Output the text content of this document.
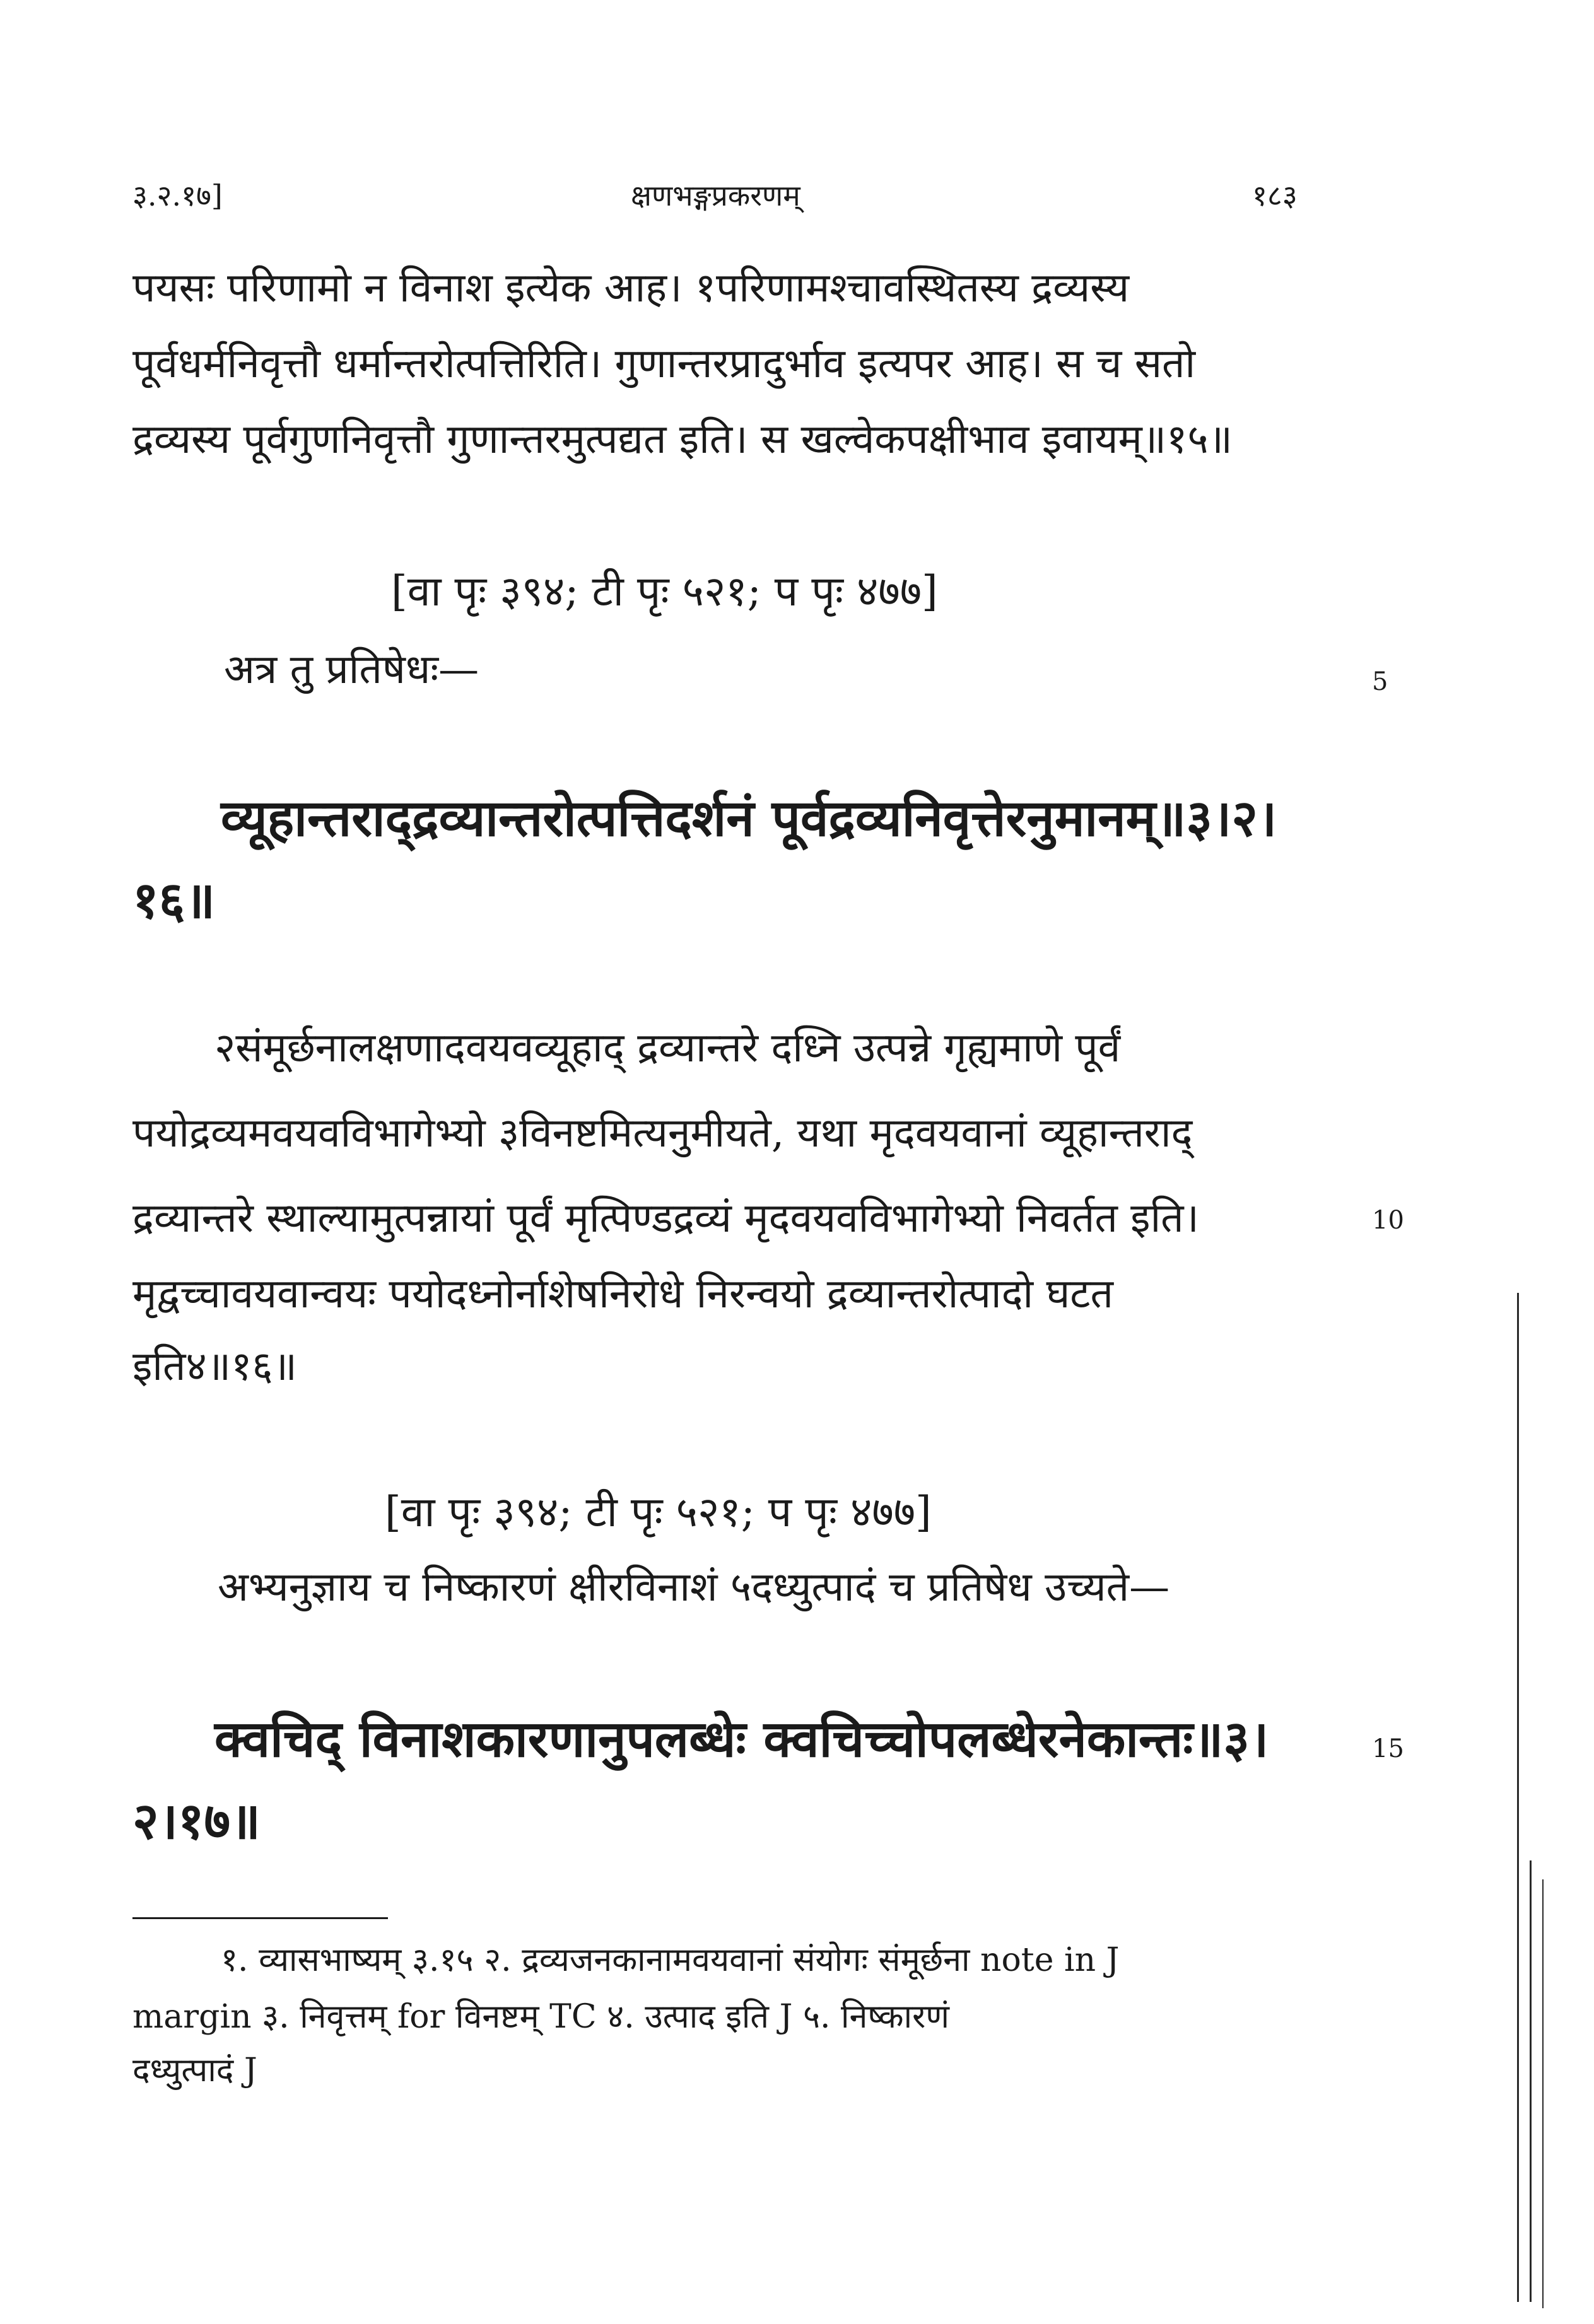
३.२.१७]	क्षणभङ्गप्रकरणम्	१८३
पयसः परिणामो न विनाश इत्येक आह। १परिणामश्चावस्थितस्य द्रव्यस्य
पूर्वधर्मनिवृत्तौ धर्मान्तरोत्पत्तिरिति। गुणान्तरप्रादुर्भाव इत्यपर आह। स च सतो
द्रव्यस्य पूर्वगुणनिवृत्तौ गुणान्तरमुत्पद्यत इति। स खल्वेकपक्षीभाव इवायम्॥१५॥
[वा पृः ३९४; टी पृः ५२१; प पृः ४७७]
अत्र तु प्रतिषेधः—	5
व्यूहान्तराद्द्रव्यान्तरोत्पत्तिदर्शनं पूर्वद्रव्यनिवृत्तेरनुमानम्॥३।२।
१६॥
२संमूर्छनालक्षणादवयवव्यूहाद् द्रव्यान्तरे दध्नि उत्पन्ने गृह्यमाणे पूर्वं
पयोद्रव्यमवयवविभागेभ्यो ३विनष्टमित्यनुमीयते, यथा मृदवयवानां व्यूहान्तराद्
द्रव्यान्तरे स्थाल्यामुत्पन्नायां पूर्वं मृत्पिण्डद्रव्यं मृदवयवविभागेभ्यो निवर्तत इति।	10
मृद्वच्चावयवान्वयः पयोदध्नोर्नाशेषनिरोधे निरन्वयो द्रव्यान्तरोत्पादो घटत
इति४॥१६॥
[वा पृः ३९४; टी पृः ५२१; प पृः ४७७]
अभ्यनुज्ञाय च निष्कारणं क्षीरविनाशं ५दध्युत्पादं च प्रतिषेध उच्यते—
क्वचिद् विनाशकारणानुपलब्धेः क्वचिच्चोपलब्धेरनेकान्तः॥३।	15
२।१७॥
१. व्यासभाष्यम् ३.१५ २. द्रव्यजनकानामवयवानां संयोगः संमूर्छना note in J
margin ३. निवृत्तम् for विनष्टम् TC ४. उत्पाद इति J ५. निष्कारणं
दध्युत्पादं J
